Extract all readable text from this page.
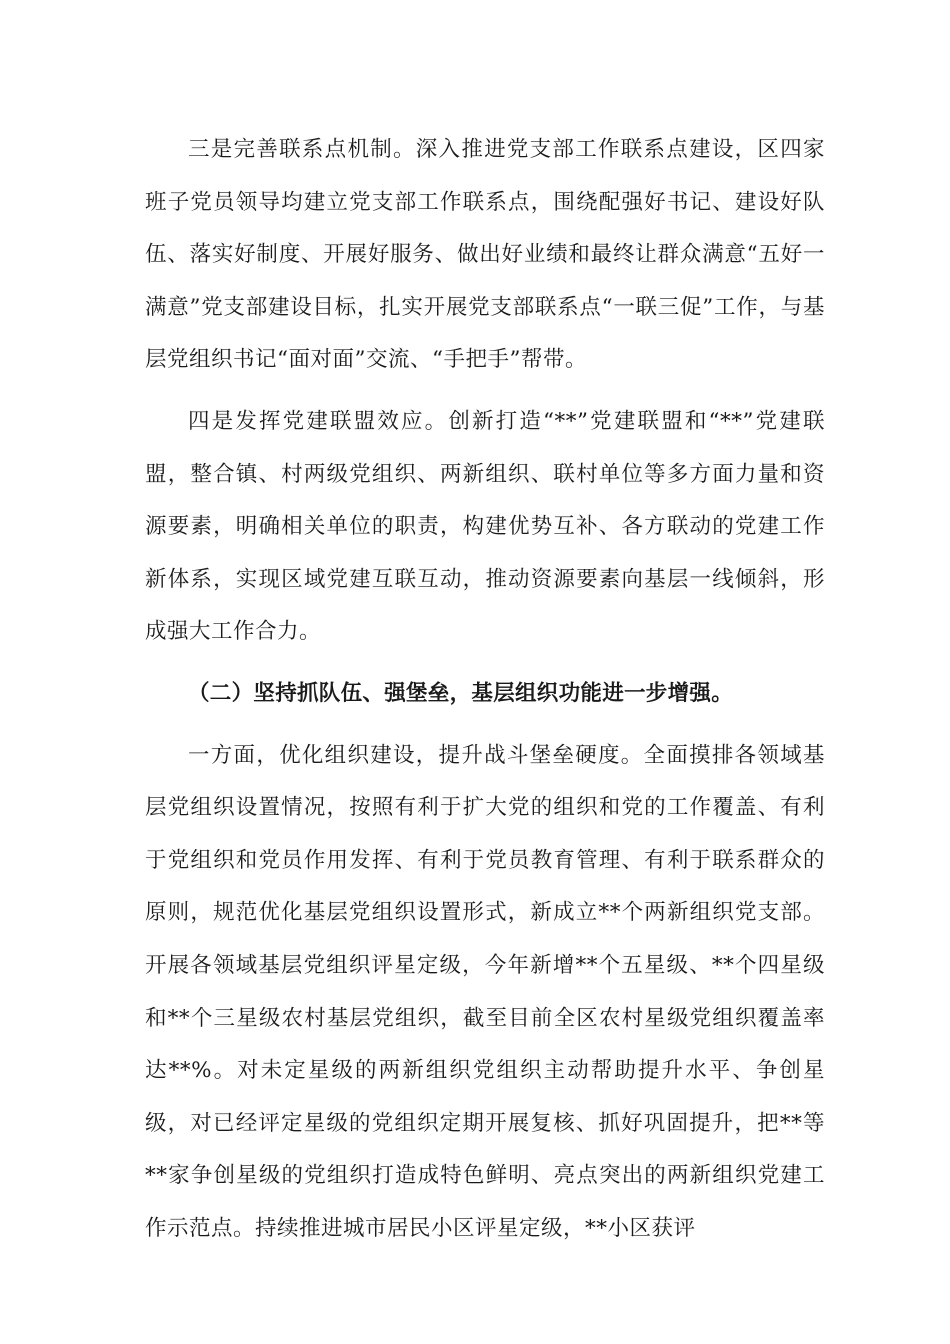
三是完善联系点机制。深入推进党支部工作联系点建设，区四家班子党员领导均建立党支部工作联系点，围绕配强好书记、建设好队伍、落实好制度、开展好服务、做出好业绩和最终让群众满意“五好一满意”党支部建设目标，扎实开展党支部联系点“一联三促”工作，与基层党组织书记“面对面”交流、“手把手”帮带。

四是发挥党建联盟效应。创新打造“**”党建联盟和“**”党建联盟，整合镇、村两级党组织、两新组织、联村单位等多方面力量和资源要素，明确相关单位的职责，构建优势互补、各方联动的党建工作新体系，实现区域党建互联互动，推动资源要素向基层一线倾斜，形成强大工作合力。

（二）坚持抓队伍、强堡垒，基层组织功能进一步增强。

一方面，优化组织建设，提升战斗堡垒硬度。全面摸排各领域基层党组织设置情况，按照有利于扩大党的组织和党的工作覆盖、有利于党组织和党员作用发挥、有利于党员教育管理、有利于联系群众的原则，规范优化基层党组织设置形式，新成立**个两新组织党支部。开展各领域基层党组织评星定级，今年新增**个五星级、**个四星级和**个三星级农村基层党组织，截至目前全区农村星级党组织覆盖率达**%。对未定星级的两新组织党组织主动帮助提升水平、争创星级，对已经评定星级的党组织定期开展复核、抓好巩固提升，把**等**家争创星级的党组织打造成特色鲜明、亮点突出的两新组织党建工作示范点。持续推进城市居民小区评星定级，**小区获评
